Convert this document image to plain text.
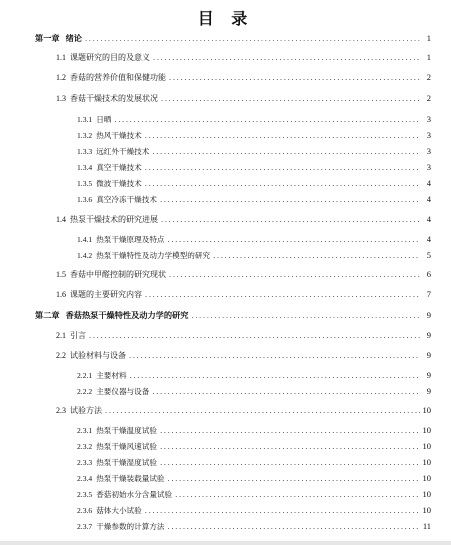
目 录
第一章 绪论 .....	1
1.1 课题研究的目的及意义 .....	1
1.2 香菇的营养价值和保健功能 .....	2
1.3 香菇干燥技术的发展状况 .....	2
1.3.1 日晒 .....	3
1.3.2 热风干燥技术 .....	3
1.3.3 远红外干燥技术 .....	3
1.3.4 真空干燥技术 .....	3
1.3.5 微波干燥技术 .....	4
1.3.6 真空冷冻干燥技术 .....	4
1.4 热泵干燥技术的研究进展 .....	4
1.4.1 热泵干燥原理及特点 .....	4
1.4.2 热泵干燥特性及动力学模型的研究 .....	5
1.5 香菇中甲醛控制的研究现状 .....	6
1.6 课题的主要研究内容 .....	7
第二章 香菇热泵干燥特性及动力学的研究 .....	9
2.1 引言 .....	9
2.2 试验材料与设备 .....	9
2.2.1 主要材料 .....	9
2.2.2 主要仪器与设备 .....	9
2.3 试验方法 .....	10
2.3.1 热泵干燥温度试验 .....	10
2.3.2 热泵干燥风速试验 .....	10
2.3.3 热泵干燥湿度试验 .....	10
2.3.4 热泵干燥装载量试验 .....	10
2.3.5 香菇初始水分含量试验 .....	10
2.3.6 菇体大小试验 .....	10
2.3.7 干燥参数的计算方法 .....	11
